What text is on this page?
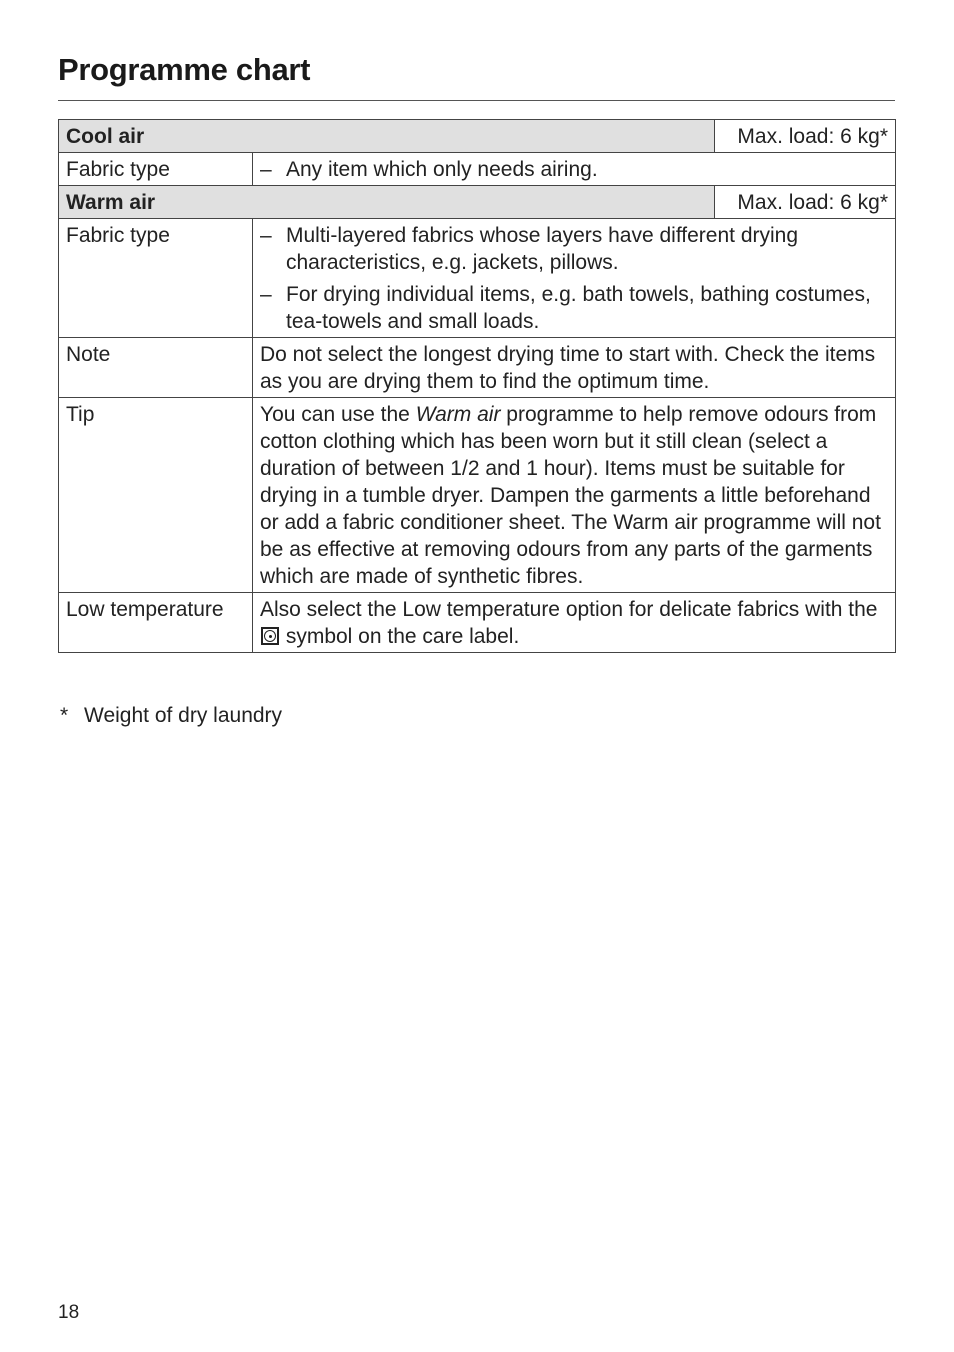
Programme chart
Cool air		Max. load: 6 kg*
Fabric type	– Any item which only needs airing.	

Warm air		Max. load: 6 kg*
Fabric type	– Multi-layered fabrics whose layers have different drying characteristics, e.g. jackets, pillows.
– For drying individual items, e.g. bath towels, bathing costumes, tea-towels and small loads.	

Note	Do not select the longest drying time to start with. Check the items as you are drying them to find the optimum time.	
Tip	You can use the Warm air programme to help remove odours from cotton clothing which has been worn but it still clean (select a duration of between 1/2 and 1 hour). Items must be suitable for drying in a tumble dryer. Dampen the garments a little beforehand or add a fabric conditioner sheet. The Warm air programme will not be as effective at removing odours from any parts of the garments which are made of synthetic fibres.	
Low temperature	Also select the Low temperature option for delicate fabrics with the  symbol on the care label.	
* Weight of dry laundry
18
